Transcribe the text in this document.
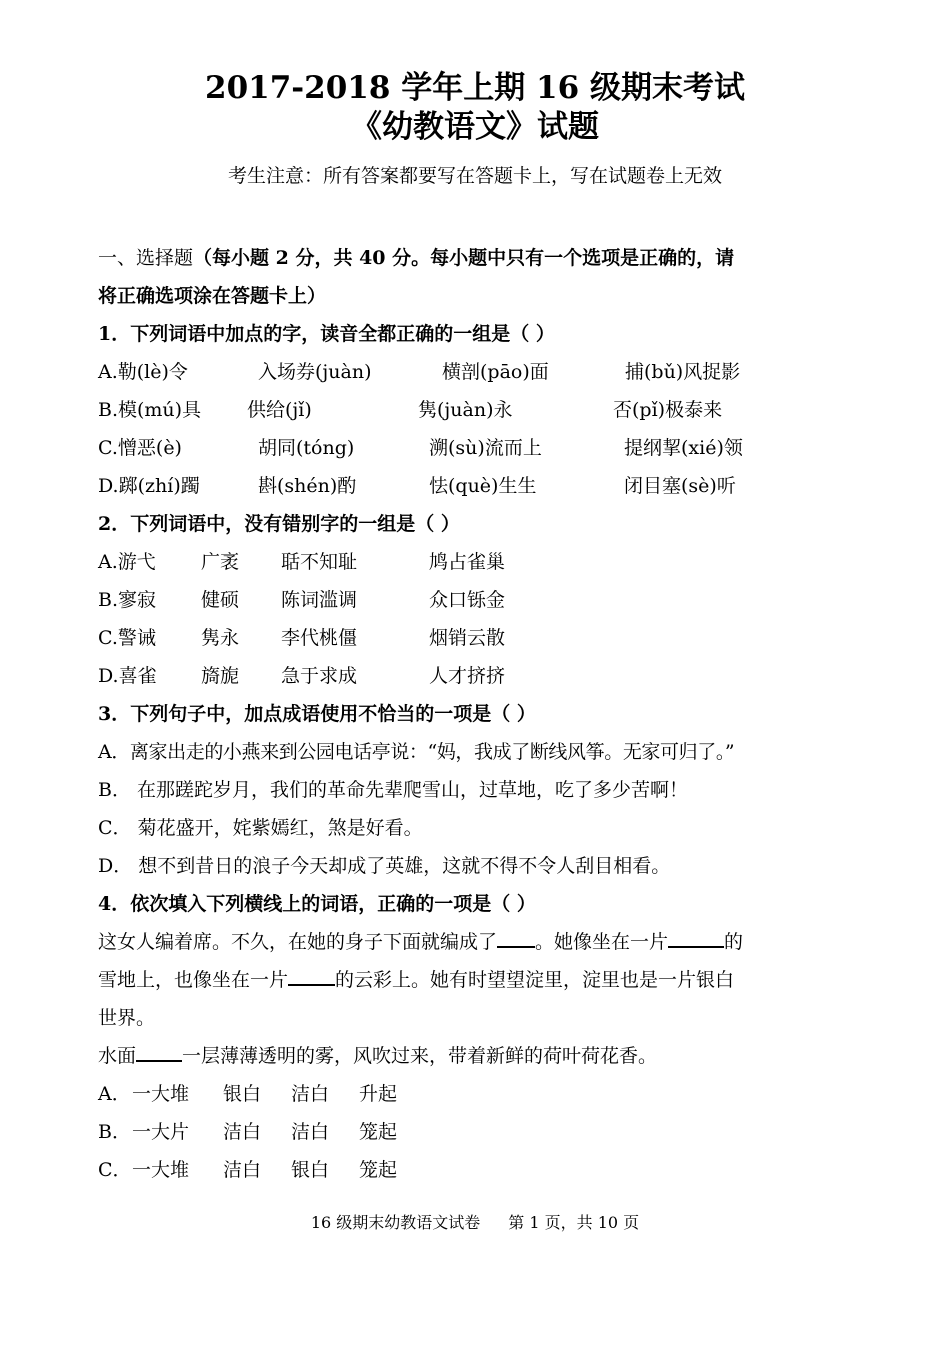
2017-2018 学年上期 16 级期末考试
《幼教语文》试题
考生注意：所有答案都要写在答题卡上，写在试题卷上无效
一、选择题（每小题 2 分，共 40 分。每小题中只有一个选项是正确的，请
将正确选项涂在答题卡上）
1．下列词语中加点的字，读音全都正确的一组是（ ）
A.勒(lè)令	入场券(juàn)	横剖(pāo)面	捕(bǔ)风捉影
B.模(mú)具	供给(jǐ)	隽(juàn)永	否(pǐ)极泰来
C.憎恶(è)	胡同(tóng)	溯(sù)流而上	提纲挈(xié)领
D.踯(zhí)躅	斟(shén)酌	怯(què)生生	闭目塞(sè)听
2．下列词语中，没有错别字的一组是（ ）
A.游弋	广袤	聒不知耻	鸠占雀巢
B.寥寂	健硕	陈词滥调	众口铄金
C.警诫	隽永	李代桃僵	烟销云散
D.喜雀	旖旎	急于求成	人才挤挤
3．下列句子中，加点成语使用不恰当的一项是（ ）
A．离家出走的小燕来到公园电话亭说：“妈，我成了断线风筝。无家可归了。”
B． 在那蹉跎岁月，我们的革命先辈爬雪山，过草地，吃了多少苦啊！
C． 菊花盛开，姹紫嫣红，煞是好看。
D． 想不到昔日的浪子今天却成了英雄，这就不得不令人刮目相看。
4．依次填入下列横线上的词语，正确的一项是（ ）
这女人编着席。不久，在她的身子下面就编成了 。她像坐在一片	的
雪地上，也像坐在一片 的云彩上。她有时望望淀里，淀里也是一片银白
世界。
水面 一层薄薄透明的雾，风吹过来，带着新鲜的荷叶荷花香。
A． 一大堆	银白	洁白	升起
B． 一大片	洁白	洁白	笼起
C． 一大堆	洁白	银白	笼起
16 级期末幼教语文试卷 第 1 页，共 10 页
